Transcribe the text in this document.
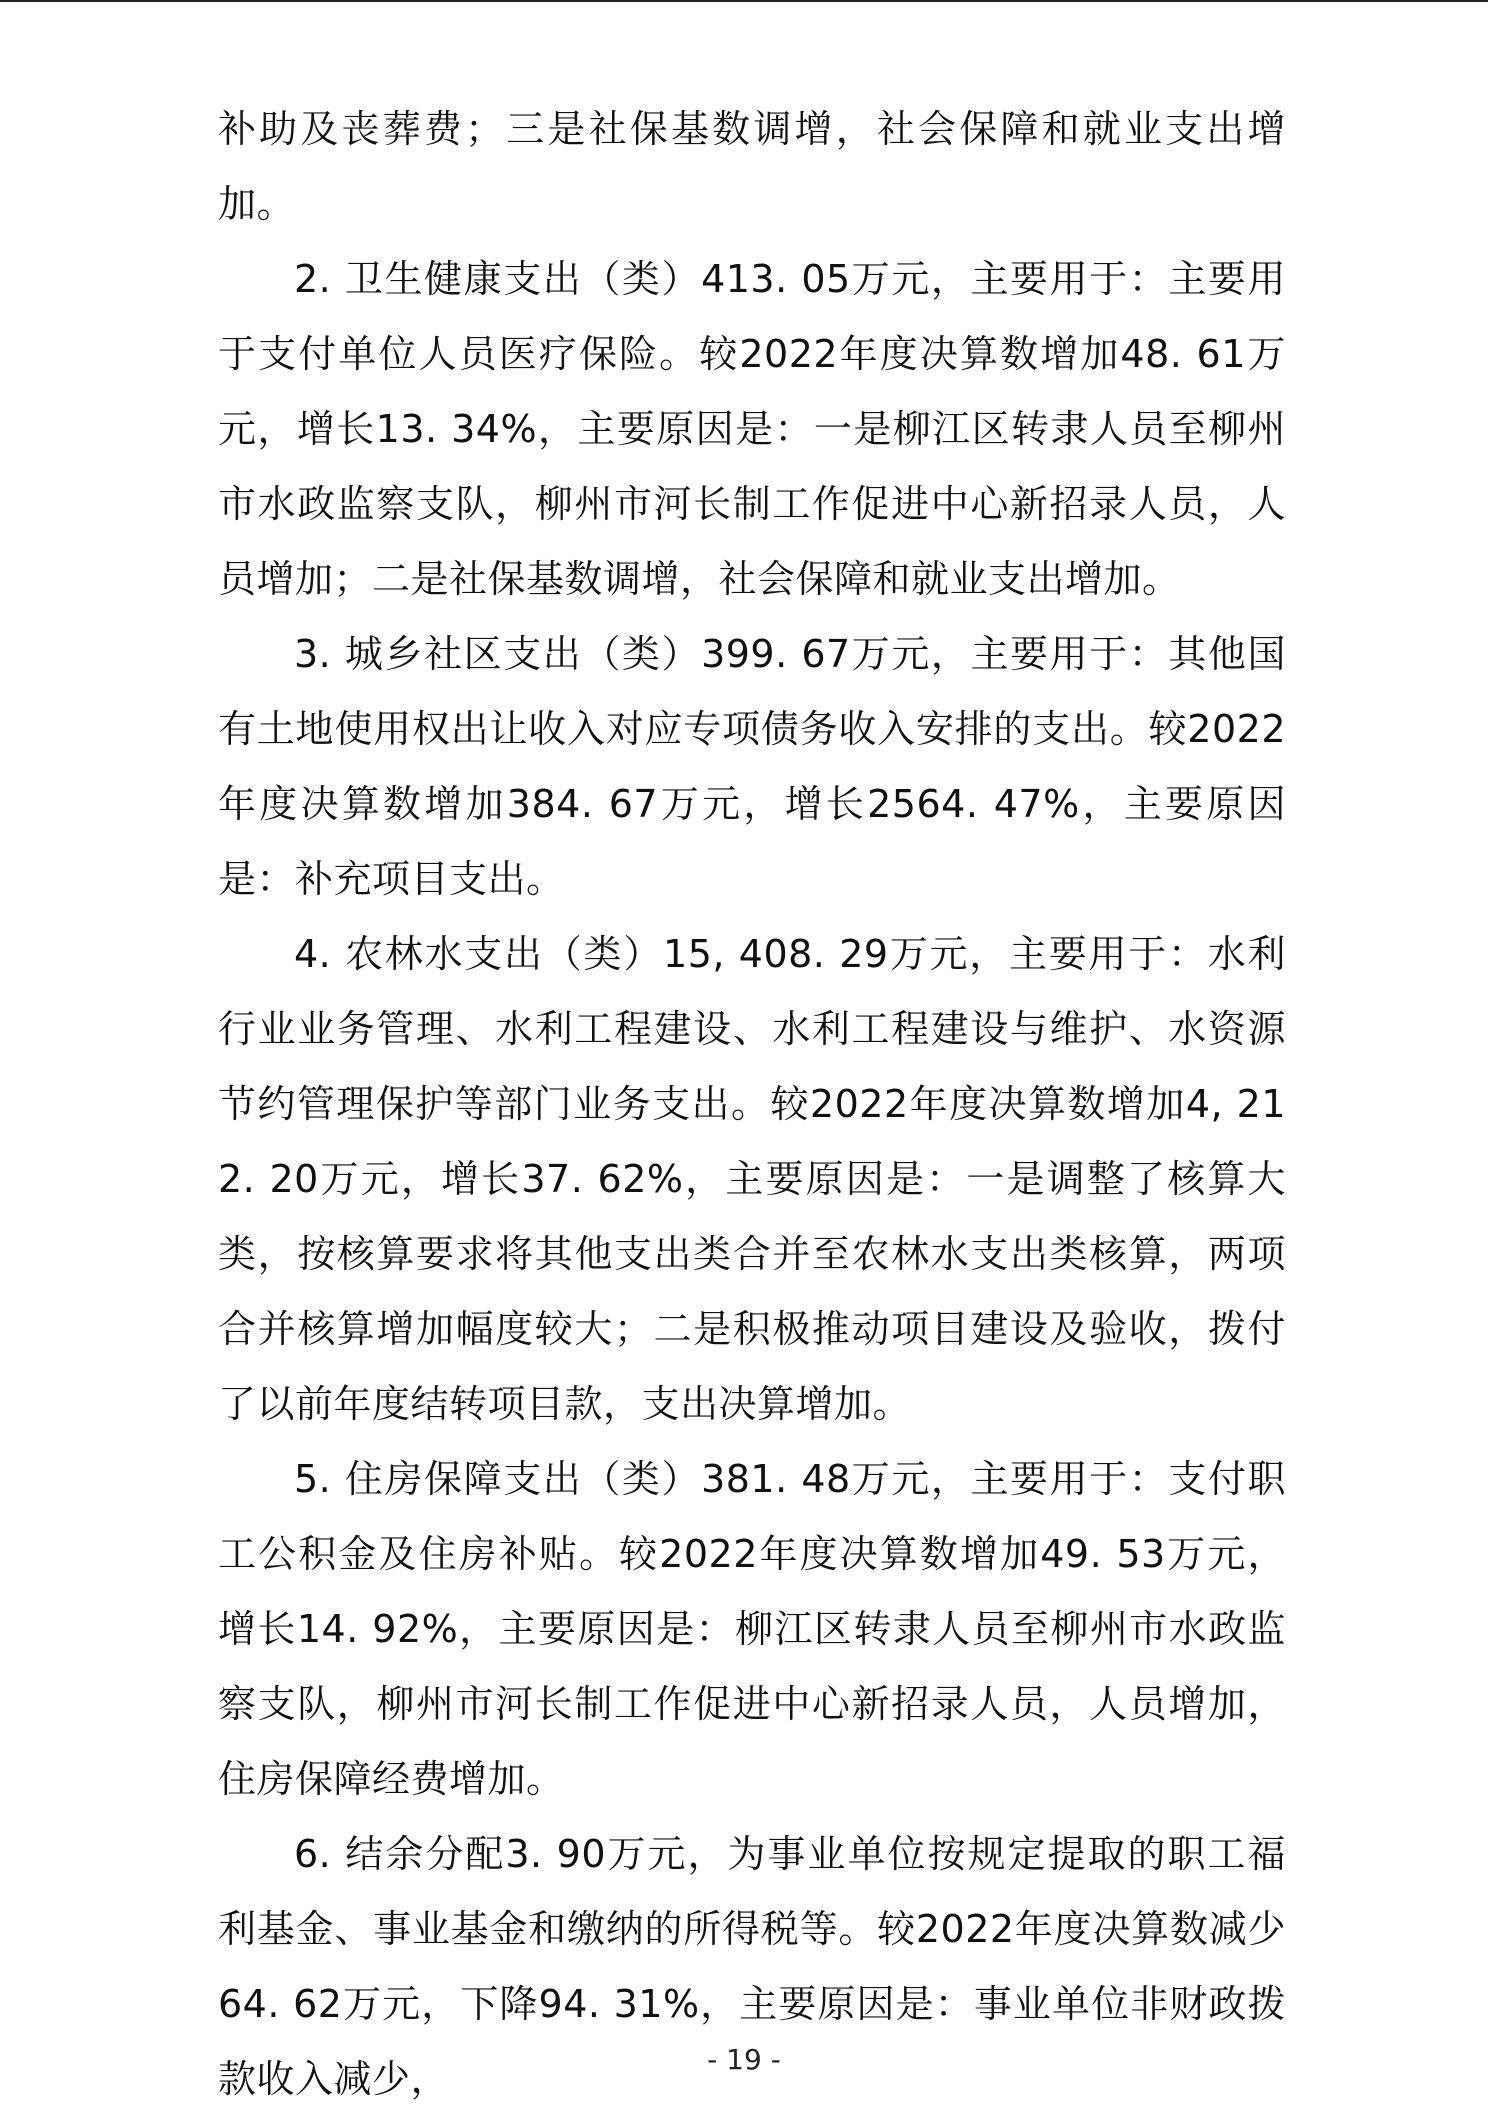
补助及丧葬费；三是社保基数调增，社会保障和就业支出增加。

2. 卫生健康支出（类）413. 05万元，主要用于：主要用于支付单位人员医疗保险。较2022年度决算数增加48. 61万元，增长13. 34%，主要原因是：一是柳江区转隶人员至柳州市水政监察支队，柳州市河长制工作促进中心新招录人员，人员增加；二是社保基数调增，社会保障和就业支出增加。

3. 城乡社区支出（类）399. 67万元，主要用于：其他国有土地使用权出让收入对应专项债务收入安排的支出。较2022年度决算数增加384. 67万元，增长2564. 47%，主要原因是：补充项目支出。

4. 农林水支出（类）15, 408. 29万元，主要用于：水利行业业务管理、水利工程建设、水利工程建设与维护、水资源节约管理保护等部门业务支出。较2022年度决算数增加4, 212. 20万元，增长37. 62%，主要原因是：一是调整了核算大类，按核算要求将其他支出类合并至农林水支出类核算，两项合并核算增加幅度较大；二是积极推动项目建设及验收，拨付了以前年度结转项目款，支出决算增加。

5. 住房保障支出（类）381. 48万元，主要用于：支付职工公积金及住房补贴。较2022年度决算数增加49. 53万元，增长14. 92%，主要原因是：柳江区转隶人员至柳州市水政监察支队，柳州市河长制工作促进中心新招录人员，人员增加，住房保障经费增加。

6. 结余分配3. 90万元，为事业单位按规定提取的职工福利基金、事业基金和缴纳的所得税等。较2022年度决算数减少64. 62万元，下降94. 31%，主要原因是：事业单位非财政拨款收入减少，	- 19 -
